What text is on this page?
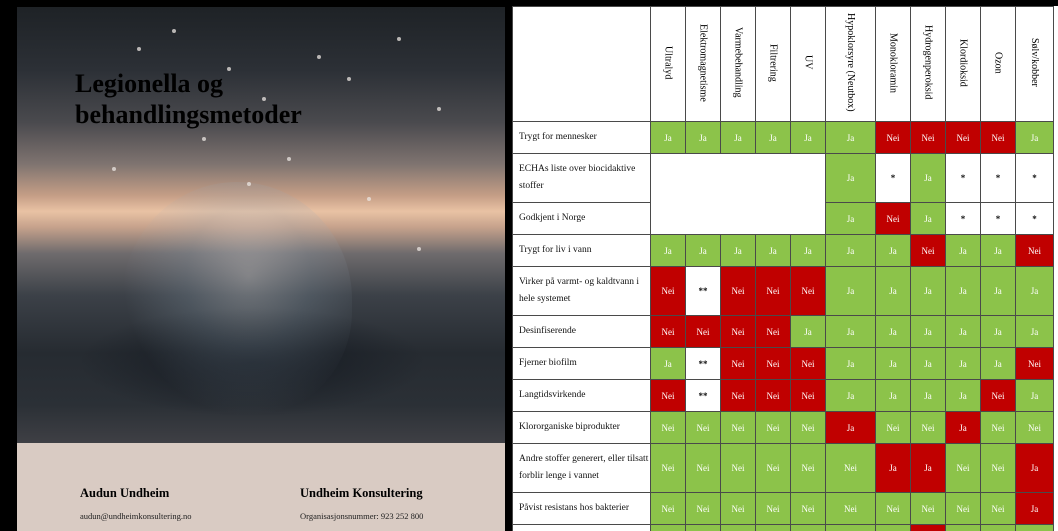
Legionella og
behandlingsmetoder
Audun Undheim
audun@undheimkonsultering.no
Undheim Konsultering
Organisasjonsnummer: 923 252 800
	Ultralyd	Elektromagnetisme	Varmebehandling	Filtrering	UV	Hypoklorsyre (Neutbox)	Monokloramin	Hydrogenperoksid	Klordioksid	Ozon	Sølv/kobber
Trygt for mennesker	Ja	Ja	Ja	Ja	Ja	Ja	Nei	Nei	Nei	Nei	Ja
ECHAs liste over biocidaktive stoffer						Ja	*	Ja	*	*	*
Godkjent i Norge						Ja	Nei	Ja	*	*	*
Trygt for liv i vann	Ja	Ja	Ja	Ja	Ja	Ja	Ja	Nei	Ja	Ja	Nei
Virker på varmt- og kaldtvann i hele systemet	Nei	**	Nei	Nei	Nei	Ja	Ja	Ja	Ja	Ja	Ja
Desinfiserende	Nei	Nei	Nei	Nei	Ja	Ja	Ja	Ja	Ja	Ja	Ja
Fjerner biofilm	Ja	**	Nei	Nei	Nei	Ja	Ja	Ja	Ja	Ja	Nei
Langtidsvirkende	Nei	**	Nei	Nei	Nei	Ja	Ja	Ja	Ja	Nei	Ja
Klororganiske biprodukter	Nei	Nei	Nei	Nei	Nei	Ja	Nei	Nei	Ja	Nei	Nei
Andre stoffer generert, eller tilsatt forblir lenge i vannet	Nei	Nei	Nei	Nei	Nei	Nei	Ja	Ja	Nei	Nei	Ja
Påvist resistans hos bakterier	Nei	Nei	Nei	Nei	Nei	Nei	Nei	Nei	Nei	Nei	Ja
